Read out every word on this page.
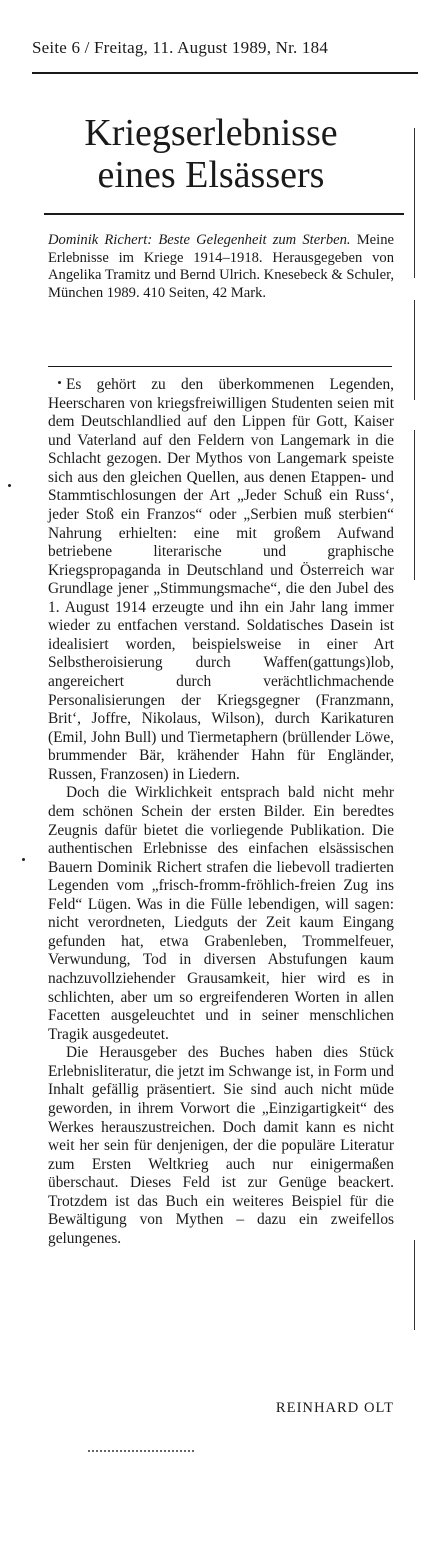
Seite 6 / Freitag, 11. August 1989, Nr. 184
Kriegserlebnisse
eines Elsässers
Dominik Richert: Beste Gelegenheit zum Sterben. Meine Erlebnisse im Kriege 1914–1918. Herausgegeben von Angelika Tramitz und Bernd Ulrich. Knesebeck & Schuler, München 1989. 410 Seiten, 42 Mark.

Es gehört zu den überkommenen Legenden, Heerscharen von kriegsfreiwilligen Studenten seien mit dem Deutschlandlied auf den Lippen für Gott, Kaiser und Vaterland auf den Feldern von Langemark in die Schlacht gezogen. Der Mythos von Langemark speiste sich aus den gleichen Quellen, aus denen Etappen- und Stammtischlosungen der Art „Jeder Schuß ein Russ‘, jeder Stoß ein Franzos“ oder „Serbien muß sterbien“ Nahrung erhielten: eine mit großem Aufwand betriebene literarische und graphische Kriegspropaganda in Deutschland und Österreich war Grundlage jener „Stimmungsmache“, die den Jubel des 1. August 1914 erzeugte und ihn ein Jahr lang immer wieder zu entfachen verstand. Soldatisches Dasein ist idealisiert worden, beispielsweise in einer Art Selbstheroisierung durch Waffen(gattungs)lob, angereichert durch verächtlichmachende Personalisierungen der Kriegsgegner (Franzmann, Brit‘, Joffre, Nikolaus, Wilson), durch Karikaturen (Emil, John Bull) und Tiermetaphern (brüllender Löwe, brummender Bär, krähender Hahn für Engländer, Russen, Franzosen) in Liedern.

Doch die Wirklichkeit entsprach bald nicht mehr dem schönen Schein der ersten Bilder. Ein beredtes Zeugnis dafür bietet die vorliegende Publikation. Die authentischen Erlebnisse des einfachen elsässischen Bauern Dominik Richert strafen die liebevoll tradierten Legenden vom „frisch-fromm-fröhlich-freien Zug ins Feld“ Lügen. Was in die Fülle lebendigen, will sagen: nicht verordneten, Liedguts der Zeit kaum Eingang gefunden hat, etwa Grabenleben, Trommelfeuer, Verwundung, Tod in diversen Abstufungen kaum nachzuvollziehender Grausamkeit, hier wird es in schlichten, aber um so ergreifenderen Worten in allen Facetten ausgeleuchtet und in seiner menschlichen Tragik ausgedeutet.

Die Herausgeber des Buches haben dies Stück Erlebnisliteratur, die jetzt im Schwange ist, in Form und Inhalt gefällig präsentiert. Sie sind auch nicht müde geworden, in ihrem Vorwort die „Einzigartigkeit“ des Werkes herauszustreichen. Doch damit kann es nicht weit her sein für denjenigen, der die populäre Literatur zum Ersten Weltkrieg auch nur einigermaßen überschaut. Dieses Feld ist zur Genüge beackert. Trotzdem ist das Buch ein weiteres Beispiel für die Bewältigung von Mythen – dazu ein zweifellos gelungenes.

REINHARD OLT
